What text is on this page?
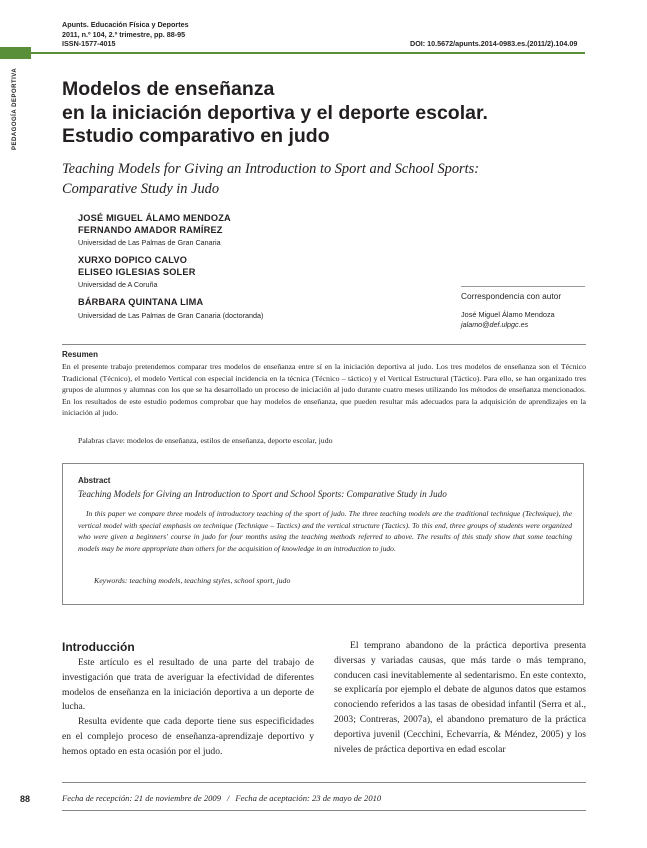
Apunts. Educación Física y Deportes
2011, n.º 104, 2.º trimestre, pp. 88-95
ISSN-1577-4015	DOI: 10.5672/apunts.2014-0983.es.(2011/2).104.09
PEDAGOGÍA DEPORTIVA Modelos de enseñanza
en la iniciación deportiva y el deporte escolar.
Estudio comparativo en judo
Teaching Models for Giving an Introduction to Sport and School Sports:
Comparative Study in Judo
JOSÉ MIGUEL ÁLAMO MENDOZA
FERNANDO AMADOR RAMÍREZ
Universidad de Las Palmas de Gran Canaria
XURXO DOPICO CALVO
ELISEO IGLESIAS SOLER
Universidad de A Coruña
BÁRBARA QUINTANA LIMA
Universidad de Las Palmas de Gran Canaria (doctoranda)
Correspondencia con autor
José Miguel Álamo Mendoza
jalamo@def.ulpgc.es
Resumen
En el presente trabajo pretendemos comparar tres modelos de enseñanza entre sí en la iniciación deportiva al judo. Los tres modelos de enseñanza son el Técnico Tradicional (Técnico), el modelo Vertical con especial incidencia en la técnica (Técnico – táctico) y el Vertical Estructural (Táctico). Para ello, se han organizado tres grupos de alumnos y alumnas con los que se ha desarrollado un proceso de iniciación al judo durante cuatro meses utilizando los métodos de enseñanza mencionados. En los resultados de este estudio podemos comprobar que hay modelos de enseñanza, que pueden resultar más adecuados para la adquisición de aprendizajes en la iniciación al judo.
Palabras clave: modelos de enseñanza, estilos de enseñanza, deporte escolar, judo
Abstract
Teaching Models for Giving an Introduction to Sport and School Sports: Comparative Study in Judo
In this paper we compare three models of introductory teaching of the sport of judo. The three teaching models are the traditional technique (Technique), the vertical model with special emphasis on technique (Technique – Tactics) and the vertical structure (Tactics). To this end, three groups of students were organized who were given a beginners' course in judo for four months using the teaching methods referred to above. The results of this study show that some teaching models may be more appropriate than others for the acquisition of knowledge in an introduction to judo.
Keywords: teaching models, teaching styles, school sport, judo
Introducción

Este artículo es el resultado de una parte del trabajo de investigación que trata de averiguar la efectividad de diferentes modelos de enseñanza en la iniciación deportiva a un deporte de lucha.

Resulta evidente que cada deporte tiene sus especificidades en el complejo proceso de enseñanza-aprendizaje deportivo y hemos optado en esta ocasión por el judo.

El temprano abandono de la práctica deportiva presenta diversas y variadas causas, que más tarde o más temprano, conducen casi inevitablemente al sedentarismo. En este contexto, se explicaría por ejemplo el debate de algunos datos que estamos conociendo referidos a las tasas de obesidad infantil (Serra et al., 2003; Contreras, 2007a), el abandono prematuro de la práctica deportiva juvenil (Cecchini, Echevarría, & Méndez, 2005) y los niveles de práctica deportiva en edad escolar

88	Fecha de recepción: 21 de noviembre de 2009 / Fecha de aceptación: 23 de mayo de 2010
